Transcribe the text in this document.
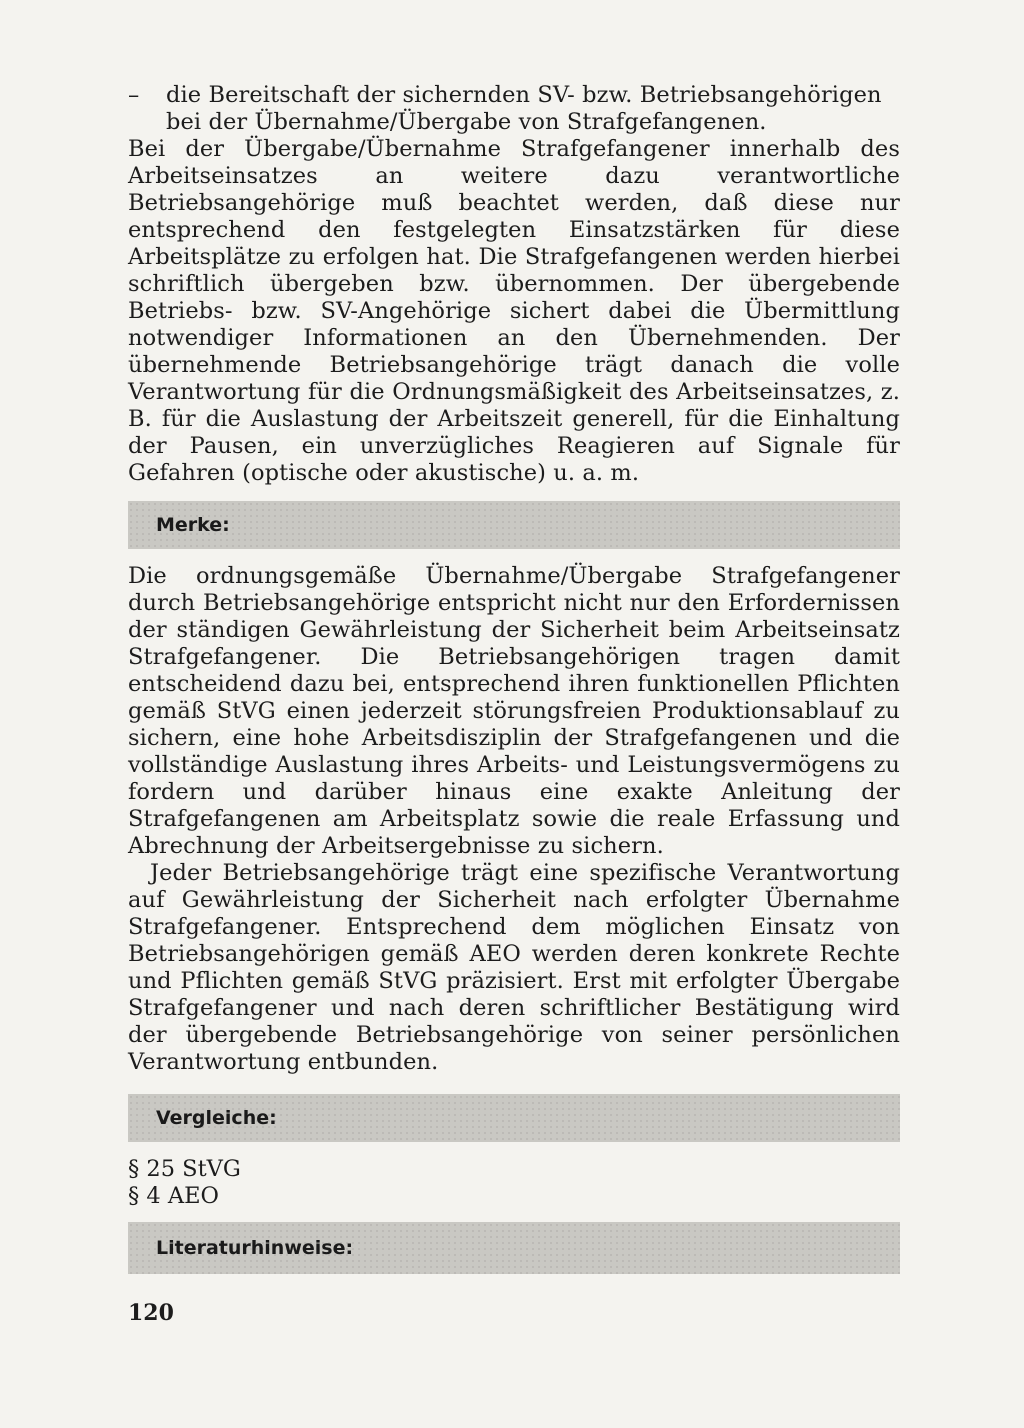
–	die Bereitschaft der sichernden SV- bzw. Betriebsangehörigen bei der Übernahme/Übergabe von Strafgefangenen.

Bei der Übergabe/Übernahme Strafgefangener innerhalb des Arbeitseinsatzes an weitere dazu verantwortliche Betriebsangehörige muß beachtet werden, daß diese nur entsprechend den festgelegten Einsatzstärken für diese Arbeitsplätze zu erfolgen hat. Die Strafgefangenen werden hierbei schriftlich übergeben bzw. übernommen. Der übergebende Betriebs- bzw. SV-Angehörige sichert dabei die Übermittlung notwendiger Informationen an den Übernehmenden. Der übernehmende Betriebsangehörige trägt danach die volle Verantwortung für die Ordnungsmäßigkeit des Arbeitseinsatzes, z. B. für die Auslastung der Arbeitszeit generell, für die Einhaltung der Pausen, ein unverzügliches Reagieren auf Signale für Gefahren (optische oder akustische) u. a. m.

Merke:

Die ordnungsgemäße Übernahme/Übergabe Strafgefangener durch Betriebsangehörige entspricht nicht nur den Erfordernissen der ständigen Gewährleistung der Sicherheit beim Arbeitseinsatz Strafgefangener. Die Betriebsangehörigen tragen damit entscheidend dazu bei, entsprechend ihren funktionellen Pflichten gemäß StVG einen jederzeit störungsfreien Produktionsablauf zu sichern, eine hohe Arbeitsdisziplin der Strafgefangenen und die vollständige Auslastung ihres Arbeits- und Leistungsvermögens zu fordern und darüber hinaus eine exakte Anleitung der Strafgefangenen am Arbeitsplatz sowie die reale Erfassung und Abrechnung der Arbeitsergebnisse zu sichern.

Jeder Betriebsangehörige trägt eine spezifische Verantwortung auf Gewährleistung der Sicherheit nach erfolgter Übernahme Strafgefangener. Entsprechend dem möglichen Einsatz von Betriebsangehörigen gemäß AEO werden deren konkrete Rechte und Pflichten gemäß StVG präzisiert. Erst mit erfolgter Übergabe Strafgefangener und nach deren schriftlicher Bestätigung wird der übergebende Betriebsangehörige von seiner persönlichen Verantwortung entbunden.

Vergleiche:
§ 25 StVG
§ 4 AEO
Literaturhinweise:
120
